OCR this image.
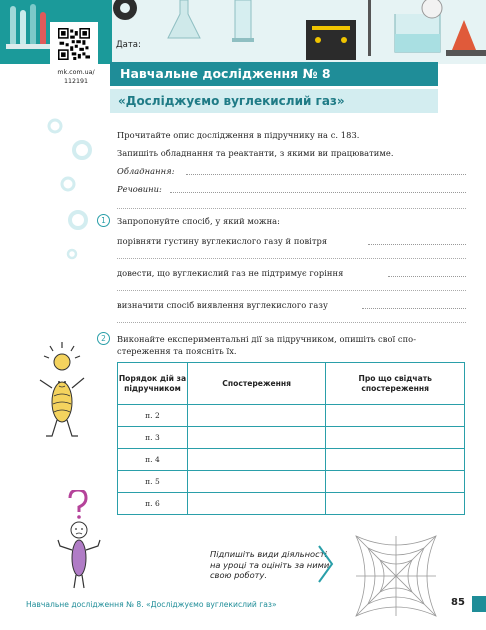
mk.com.ua/
112191
Дата:
Навчальне дослідження № 8
«Досліджуємо вуглекислий газ»
Прочитайте опис дослідження в підручнику на с. 183.
Запишіть обладнання та реактанти, з якими ви працюватиме.
Обладнання:
Речовини:
1	Запропонуйте спосіб, у який можна:
порівняти густину вуглекислого газу й повітря
довести, що вуглекислий газ не підтримує горіння
визначити спосіб виявлення вуглекислого газу
2	Виконайте експериментальні дії за підручником, опишіть свої спо-
стереження та поясніть їх.
Порядок дій за підручником	Спостереження	Про що свідчать спостереження
п. 2		
п. 3		
п. 4		
п. 5		
п. 6		
Підпишіть види діяльності
на уроці та оцініть за ними
свою роботу.
Навчальне дослідження № 8. «Досліджуємо вуглекислий газ»	85
